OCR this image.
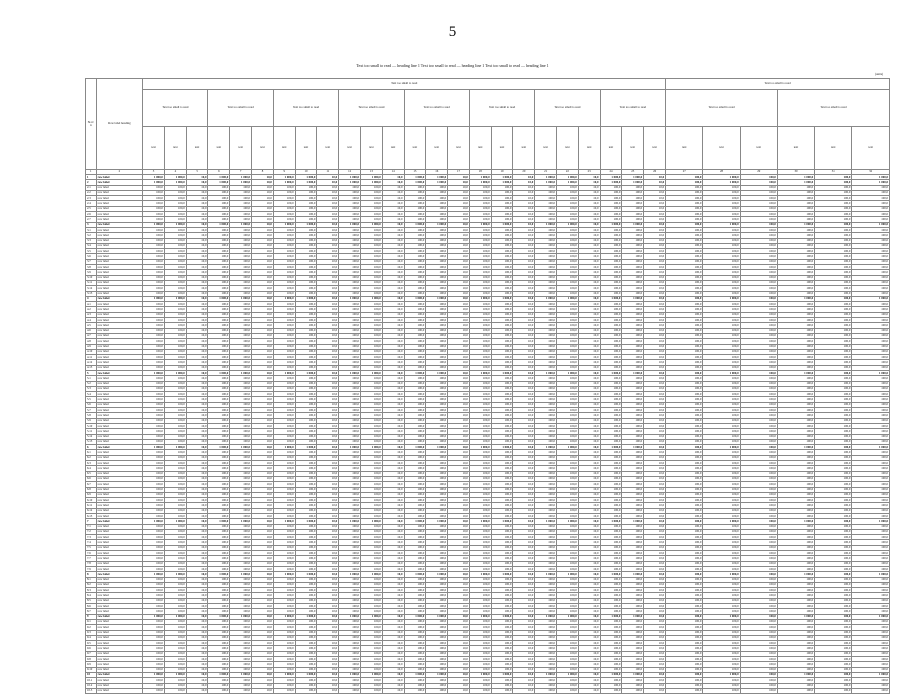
5
Text too small to read — heading line 1 Text too small to read — heading line 1 Text too small to read — heading line 1
(units)
№ п/п	Row label heading	Text too small to read																								Text too small to read					
		Text too small to read			Text too small to read			Text too small to read			Text too small to read			Text too small to read			Text too small to read			Text too small to read			Text too small to read			Text too small to read			Text too small to read		
		text	text	text	text	text	text	text	text	text	text	text	text	text	text	text	text	text	text	text	text	text	text	text	text	text	text	text	text	text	text
1	2	3	4	5	6	7	8	9	10	11	12	13	14	15	16	17	18	19	20	21	22	23	24	25	26	27	28	29	30	31	32
1	row label	1 000,0	1 000,0	10,0	1 000,0	1 000,0	10,0	1 000,0	1 000,0	10,0	1 000,0	1 000,0	10,0	1 000,0	1 000,0	10,0	1 000,0	1 000,0	10,0	1 000,0	1 000,0	10,0	1 000,0	1 000,0	10,0	100,0	1 000,0	100,0	1 000,0	100,0	1 000,0
2	row label	1 000,0	1 000,0	10,0	1 000,0	1 000,0	10,0	1 000,0	1 000,0	10,0	1 000,0	1 000,0	10,0	1 000,0	1 000,0	10,0	1 000,0	1 000,0	10,0	1 000,0	1 000,0	10,0	1 000,0	1 000,0	10,0	100,0	1 000,0	100,0	1 000,0	100,0	1 000,0
2.1	row label	100,0	100,0	10,0	100,0	100,0	10,0	100,0	100,0	10,0	100,0	100,0	10,0	100,0	100,0	10,0	100,0	100,0	10,0	100,0	100,0	10,0	100,0	100,0	10,0	100,0	100,0	100,0	100,0	100,0	100,0
2.2	row label	100,0	100,0	10,0	100,0	100,0	10,0	100,0	100,0	10,0	100,0	100,0	10,0	100,0	100,0	10,0	100,0	100,0	10,0	100,0	100,0	10,0	100,0	100,0	10,0	100,0	100,0	100,0	100,0	100,0	100,0
2.3	row label	100,0	100,0	10,0	100,0	100,0	10,0	100,0	100,0	10,0	100,0	100,0	10,0	100,0	100,0	10,0	100,0	100,0	10,0	100,0	100,0	10,0	100,0	100,0	10,0	100,0	100,0	100,0	100,0	100,0	100,0
2.4	row label	100,0	100,0	10,0	100,0	100,0	10,0	100,0	100,0	10,0	100,0	100,0	10,0	100,0	100,0	10,0	100,0	100,0	10,0	100,0	100,0	10,0	100,0	100,0	10,0	100,0	100,0	100,0	100,0	100,0	100,0
2.5	row label	100,0	100,0	10,0	100,0	100,0	10,0	100,0	100,0	10,0	100,0	100,0	10,0	100,0	100,0	10,0	100,0	100,0	10,0	100,0	100,0	10,0	100,0	100,0	10,0	100,0	100,0	100,0	100,0	100,0	100,0
2.6	row label	100,0	100,0	10,0	100,0	100,0	10,0	100,0	100,0	10,0	100,0	100,0	10,0	100,0	100,0	10,0	100,0	100,0	10,0	100,0	100,0	10,0	100,0	100,0	10,0	100,0	100,0	100,0	100,0	100,0	100,0
2.7	row label	100,0	100,0	10,0	100,0	100,0	10,0	100,0	100,0	10,0	100,0	100,0	10,0	100,0	100,0	10,0	100,0	100,0	10,0	100,0	100,0	10,0	100,0	100,0	10,0	100,0	100,0	100,0	100,0	100,0	100,0
3	row label	1 000,0	1 000,0	10,0	1 000,0	1 000,0	10,0	1 000,0	1 000,0	10,0	1 000,0	1 000,0	10,0	1 000,0	1 000,0	10,0	1 000,0	1 000,0	10,0	1 000,0	1 000,0	10,0	1 000,0	1 000,0	10,0	100,0	1 000,0	100,0	1 000,0	100,0	1 000,0
3.1	row label	100,0	100,0	10,0	100,0	100,0	10,0	100,0	100,0	10,0	100,0	100,0	10,0	100,0	100,0	10,0	100,0	100,0	10,0	100,0	100,0	10,0	100,0	100,0	10,0	100,0	100,0	100,0	100,0	100,0	100,0
3.2	row label	100,0	100,0	10,0	100,0	100,0	10,0	100,0	100,0	10,0	100,0	100,0	10,0	100,0	100,0	10,0	100,0	100,0	10,0	100,0	100,0	10,0	100,0	100,0	10,0	100,0	100,0	100,0	100,0	100,0	100,0
3.3	row label	100,0	100,0	10,0	100,0	100,0	10,0	100,0	100,0	10,0	100,0	100,0	10,0	100,0	100,0	10,0	100,0	100,0	10,0	100,0	100,0	10,0	100,0	100,0	10,0	100,0	100,0	100,0	100,0	100,0	100,0
3.4	row label	100,0	100,0	10,0	100,0	100,0	10,0	100,0	100,0	10,0	100,0	100,0	10,0	100,0	100,0	10,0	100,0	100,0	10,0	100,0	100,0	10,0	100,0	100,0	10,0	100,0	100,0	100,0	100,0	100,0	100,0
3.5	row label	100,0	100,0	10,0	100,0	100,0	10,0	100,0	100,0	10,0	100,0	100,0	10,0	100,0	100,0	10,0	100,0	100,0	10,0	100,0	100,0	10,0	100,0	100,0	10,0	100,0	100,0	100,0	100,0	100,0	100,0
3.6	row label	100,0	100,0	10,0	100,0	100,0	10,0	100,0	100,0	10,0	100,0	100,0	10,0	100,0	100,0	10,0	100,0	100,0	10,0	100,0	100,0	10,0	100,0	100,0	10,0	100,0	100,0	100,0	100,0	100,0	100,0
3.7	row label	100,0	100,0	10,0	100,0	100,0	10,0	100,0	100,0	10,0	100,0	100,0	10,0	100,0	100,0	10,0	100,0	100,0	10,0	100,0	100,0	10,0	100,0	100,0	10,0	100,0	100,0	100,0	100,0	100,0	100,0
3.8	row label	100,0	100,0	10,0	100,0	100,0	10,0	100,0	100,0	10,0	100,0	100,0	10,0	100,0	100,0	10,0	100,0	100,0	10,0	100,0	100,0	10,0	100,0	100,0	10,0	100,0	100,0	100,0	100,0	100,0	100,0
3.9	row label	100,0	100,0	10,0	100,0	100,0	10,0	100,0	100,0	10,0	100,0	100,0	10,0	100,0	100,0	10,0	100,0	100,0	10,0	100,0	100,0	10,0	100,0	100,0	10,0	100,0	100,0	100,0	100,0	100,0	100,0
3.10	row label	100,0	100,0	10,0	100,0	100,0	10,0	100,0	100,0	10,0	100,0	100,0	10,0	100,0	100,0	10,0	100,0	100,0	10,0	100,0	100,0	10,0	100,0	100,0	10,0	100,0	100,0	100,0	100,0	100,0	100,0
3.11	row label	100,0	100,0	10,0	100,0	100,0	10,0	100,0	100,0	10,0	100,0	100,0	10,0	100,0	100,0	10,0	100,0	100,0	10,0	100,0	100,0	10,0	100,0	100,0	10,0	100,0	100,0	100,0	100,0	100,0	100,0
3.12	row label	100,0	100,0	10,0	100,0	100,0	10,0	100,0	100,0	10,0	100,0	100,0	10,0	100,0	100,0	10,0	100,0	100,0	10,0	100,0	100,0	10,0	100,0	100,0	10,0	100,0	100,0	100,0	100,0	100,0	100,0
3.13	row label	100,0	100,0	10,0	100,0	100,0	10,0	100,0	100,0	10,0	100,0	100,0	10,0	100,0	100,0	10,0	100,0	100,0	10,0	100,0	100,0	10,0	100,0	100,0	10,0	100,0	100,0	100,0	100,0	100,0	100,0
4	row label	1 000,0	1 000,0	10,0	1 000,0	1 000,0	10,0	1 000,0	1 000,0	10,0	1 000,0	1 000,0	10,0	1 000,0	1 000,0	10,0	1 000,0	1 000,0	10,0	1 000,0	1 000,0	10,0	1 000,0	1 000,0	10,0	100,0	1 000,0	100,0	1 000,0	100,0	1 000,0
4.1	row label	100,0	100,0	10,0	100,0	100,0	10,0	100,0	100,0	10,0	100,0	100,0	10,0	100,0	100,0	10,0	100,0	100,0	10,0	100,0	100,0	10,0	100,0	100,0	10,0	100,0	100,0	100,0	100,0	100,0	100,0
4.2	row label	100,0	100,0	10,0	100,0	100,0	10,0	100,0	100,0	10,0	100,0	100,0	10,0	100,0	100,0	10,0	100,0	100,0	10,0	100,0	100,0	10,0	100,0	100,0	10,0	100,0	100,0	100,0	100,0	100,0	100,0
4.3	row label	100,0	100,0	10,0	100,0	100,0	10,0	100,0	100,0	10,0	100,0	100,0	10,0	100,0	100,0	10,0	100,0	100,0	10,0	100,0	100,0	10,0	100,0	100,0	10,0	100,0	100,0	100,0	100,0	100,0	100,0
4.4	row label	100,0	100,0	10,0	100,0	100,0	10,0	100,0	100,0	10,0	100,0	100,0	10,0	100,0	100,0	10,0	100,0	100,0	10,0	100,0	100,0	10,0	100,0	100,0	10,0	100,0	100,0	100,0	100,0	100,0	100,0
4.5	row label	100,0	100,0	10,0	100,0	100,0	10,0	100,0	100,0	10,0	100,0	100,0	10,0	100,0	100,0	10,0	100,0	100,0	10,0	100,0	100,0	10,0	100,0	100,0	10,0	100,0	100,0	100,0	100,0	100,0	100,0
4.6	row label	100,0	100,0	10,0	100,0	100,0	10,0	100,0	100,0	10,0	100,0	100,0	10,0	100,0	100,0	10,0	100,0	100,0	10,0	100,0	100,0	10,0	100,0	100,0	10,0	100,0	100,0	100,0	100,0	100,0	100,0
4.7	row label	100,0	100,0	10,0	100,0	100,0	10,0	100,0	100,0	10,0	100,0	100,0	10,0	100,0	100,0	10,0	100,0	100,0	10,0	100,0	100,0	10,0	100,0	100,0	10,0	100,0	100,0	100,0	100,0	100,0	100,0
4.8	row label	100,0	100,0	10,0	100,0	100,0	10,0	100,0	100,0	10,0	100,0	100,0	10,0	100,0	100,0	10,0	100,0	100,0	10,0	100,0	100,0	10,0	100,0	100,0	10,0	100,0	100,0	100,0	100,0	100,0	100,0
4.9	row label	100,0	100,0	10,0	100,0	100,0	10,0	100,0	100,0	10,0	100,0	100,0	10,0	100,0	100,0	10,0	100,0	100,0	10,0	100,0	100,0	10,0	100,0	100,0	10,0	100,0	100,0	100,0	100,0	100,0	100,0
4.10	row label	100,0	100,0	10,0	100,0	100,0	10,0	100,0	100,0	10,0	100,0	100,0	10,0	100,0	100,0	10,0	100,0	100,0	10,0	100,0	100,0	10,0	100,0	100,0	10,0	100,0	100,0	100,0	100,0	100,0	100,0
4.11	row label	100,0	100,0	10,0	100,0	100,0	10,0	100,0	100,0	10,0	100,0	100,0	10,0	100,0	100,0	10,0	100,0	100,0	10,0	100,0	100,0	10,0	100,0	100,0	10,0	100,0	100,0	100,0	100,0	100,0	100,0
4.12	row label	100,0	100,0	10,0	100,0	100,0	10,0	100,0	100,0	10,0	100,0	100,0	10,0	100,0	100,0	10,0	100,0	100,0	10,0	100,0	100,0	10,0	100,0	100,0	10,0	100,0	100,0	100,0	100,0	100,0	100,0
4.13	row label	100,0	100,0	10,0	100,0	100,0	10,0	100,0	100,0	10,0	100,0	100,0	10,0	100,0	100,0	10,0	100,0	100,0	10,0	100,0	100,0	10,0	100,0	100,0	10,0	100,0	100,0	100,0	100,0	100,0	100,0
5	row label	1 000,0	1 000,0	10,0	1 000,0	1 000,0	10,0	1 000,0	1 000,0	10,0	1 000,0	1 000,0	10,0	1 000,0	1 000,0	10,0	1 000,0	1 000,0	10,0	1 000,0	1 000,0	10,0	1 000,0	1 000,0	10,0	100,0	1 000,0	100,0	1 000,0	100,0	1 000,0
5.1	row label	100,0	100,0	10,0	100,0	100,0	10,0	100,0	100,0	10,0	100,0	100,0	10,0	100,0	100,0	10,0	100,0	100,0	10,0	100,0	100,0	10,0	100,0	100,0	10,0	100,0	100,0	100,0	100,0	100,0	100,0
5.2	row label	100,0	100,0	10,0	100,0	100,0	10,0	100,0	100,0	10,0	100,0	100,0	10,0	100,0	100,0	10,0	100,0	100,0	10,0	100,0	100,0	10,0	100,0	100,0	10,0	100,0	100,0	100,0	100,0	100,0	100,0
5.3	row label	100,0	100,0	10,0	100,0	100,0	10,0	100,0	100,0	10,0	100,0	100,0	10,0	100,0	100,0	10,0	100,0	100,0	10,0	100,0	100,0	10,0	100,0	100,0	10,0	100,0	100,0	100,0	100,0	100,0	100,0
5.4	row label	100,0	100,0	10,0	100,0	100,0	10,0	100,0	100,0	10,0	100,0	100,0	10,0	100,0	100,0	10,0	100,0	100,0	10,0	100,0	100,0	10,0	100,0	100,0	10,0	100,0	100,0	100,0	100,0	100,0	100,0
5.5	row label	100,0	100,0	10,0	100,0	100,0	10,0	100,0	100,0	10,0	100,0	100,0	10,0	100,0	100,0	10,0	100,0	100,0	10,0	100,0	100,0	10,0	100,0	100,0	10,0	100,0	100,0	100,0	100,0	100,0	100,0
5.6	row label	100,0	100,0	10,0	100,0	100,0	10,0	100,0	100,0	10,0	100,0	100,0	10,0	100,0	100,0	10,0	100,0	100,0	10,0	100,0	100,0	10,0	100,0	100,0	10,0	100,0	100,0	100,0	100,0	100,0	100,0
5.7	row label	100,0	100,0	10,0	100,0	100,0	10,0	100,0	100,0	10,0	100,0	100,0	10,0	100,0	100,0	10,0	100,0	100,0	10,0	100,0	100,0	10,0	100,0	100,0	10,0	100,0	100,0	100,0	100,0	100,0	100,0
5.8	row label	100,0	100,0	10,0	100,0	100,0	10,0	100,0	100,0	10,0	100,0	100,0	10,0	100,0	100,0	10,0	100,0	100,0	10,0	100,0	100,0	10,0	100,0	100,0	10,0	100,0	100,0	100,0	100,0	100,0	100,0
5.9	row label	100,0	100,0	10,0	100,0	100,0	10,0	100,0	100,0	10,0	100,0	100,0	10,0	100,0	100,0	10,0	100,0	100,0	10,0	100,0	100,0	10,0	100,0	100,0	10,0	100,0	100,0	100,0	100,0	100,0	100,0
5.10	row label	100,0	100,0	10,0	100,0	100,0	10,0	100,0	100,0	10,0	100,0	100,0	10,0	100,0	100,0	10,0	100,0	100,0	10,0	100,0	100,0	10,0	100,0	100,0	10,0	100,0	100,0	100,0	100,0	100,0	100,0
5.11	row label	100,0	100,0	10,0	100,0	100,0	10,0	100,0	100,0	10,0	100,0	100,0	10,0	100,0	100,0	10,0	100,0	100,0	10,0	100,0	100,0	10,0	100,0	100,0	10,0	100,0	100,0	100,0	100,0	100,0	100,0
5.12	row label	100,0	100,0	10,0	100,0	100,0	10,0	100,0	100,0	10,0	100,0	100,0	10,0	100,0	100,0	10,0	100,0	100,0	10,0	100,0	100,0	10,0	100,0	100,0	10,0	100,0	100,0	100,0	100,0	100,0	100,0
5.13	row label	100,0	100,0	10,0	100,0	100,0	10,0	100,0	100,0	10,0	100,0	100,0	10,0	100,0	100,0	10,0	100,0	100,0	10,0	100,0	100,0	10,0	100,0	100,0	10,0	100,0	100,0	100,0	100,0	100,0	100,0
6	row label	1 000,0	1 000,0	10,0	1 000,0	1 000,0	10,0	1 000,0	1 000,0	10,0	1 000,0	1 000,0	10,0	1 000,0	1 000,0	10,0	1 000,0	1 000,0	10,0	1 000,0	1 000,0	10,0	1 000,0	1 000,0	10,0	100,0	1 000,0	100,0	1 000,0	100,0	1 000,0
6.1	row label	100,0	100,0	10,0	100,0	100,0	10,0	100,0	100,0	10,0	100,0	100,0	10,0	100,0	100,0	10,0	100,0	100,0	10,0	100,0	100,0	10,0	100,0	100,0	10,0	100,0	100,0	100,0	100,0	100,0	100,0
6.2	row label	100,0	100,0	10,0	100,0	100,0	10,0	100,0	100,0	10,0	100,0	100,0	10,0	100,0	100,0	10,0	100,0	100,0	10,0	100,0	100,0	10,0	100,0	100,0	10,0	100,0	100,0	100,0	100,0	100,0	100,0
6.3	row label	100,0	100,0	10,0	100,0	100,0	10,0	100,0	100,0	10,0	100,0	100,0	10,0	100,0	100,0	10,0	100,0	100,0	10,0	100,0	100,0	10,0	100,0	100,0	10,0	100,0	100,0	100,0	100,0	100,0	100,0
6.4	row label	100,0	100,0	10,0	100,0	100,0	10,0	100,0	100,0	10,0	100,0	100,0	10,0	100,0	100,0	10,0	100,0	100,0	10,0	100,0	100,0	10,0	100,0	100,0	10,0	100,0	100,0	100,0	100,0	100,0	100,0
6.5	row label	100,0	100,0	10,0	100,0	100,0	10,0	100,0	100,0	10,0	100,0	100,0	10,0	100,0	100,0	10,0	100,0	100,0	10,0	100,0	100,0	10,0	100,0	100,0	10,0	100,0	100,0	100,0	100,0	100,0	100,0
6.6	row label	100,0	100,0	10,0	100,0	100,0	10,0	100,0	100,0	10,0	100,0	100,0	10,0	100,0	100,0	10,0	100,0	100,0	10,0	100,0	100,0	10,0	100,0	100,0	10,0	100,0	100,0	100,0	100,0	100,0	100,0
6.7	row label	100,0	100,0	10,0	100,0	100,0	10,0	100,0	100,0	10,0	100,0	100,0	10,0	100,0	100,0	10,0	100,0	100,0	10,0	100,0	100,0	10,0	100,0	100,0	10,0	100,0	100,0	100,0	100,0	100,0	100,0
6.8	row label	100,0	100,0	10,0	100,0	100,0	10,0	100,0	100,0	10,0	100,0	100,0	10,0	100,0	100,0	10,0	100,0	100,0	10,0	100,0	100,0	10,0	100,0	100,0	10,0	100,0	100,0	100,0	100,0	100,0	100,0
6.9	row label	100,0	100,0	10,0	100,0	100,0	10,0	100,0	100,0	10,0	100,0	100,0	10,0	100,0	100,0	10,0	100,0	100,0	10,0	100,0	100,0	10,0	100,0	100,0	10,0	100,0	100,0	100,0	100,0	100,0	100,0
6.10	row label	100,0	100,0	10,0	100,0	100,0	10,0	100,0	100,0	10,0	100,0	100,0	10,0	100,0	100,0	10,0	100,0	100,0	10,0	100,0	100,0	10,0	100,0	100,0	10,0	100,0	100,0	100,0	100,0	100,0	100,0
6.11	row label	100,0	100,0	10,0	100,0	100,0	10,0	100,0	100,0	10,0	100,0	100,0	10,0	100,0	100,0	10,0	100,0	100,0	10,0	100,0	100,0	10,0	100,0	100,0	10,0	100,0	100,0	100,0	100,0	100,0	100,0
6.12	row label	100,0	100,0	10,0	100,0	100,0	10,0	100,0	100,0	10,0	100,0	100,0	10,0	100,0	100,0	10,0	100,0	100,0	10,0	100,0	100,0	10,0	100,0	100,0	10,0	100,0	100,0	100,0	100,0	100,0	100,0
6.13	row label	100,0	100,0	10,0	100,0	100,0	10,0	100,0	100,0	10,0	100,0	100,0	10,0	100,0	100,0	10,0	100,0	100,0	10,0	100,0	100,0	10,0	100,0	100,0	10,0	100,0	100,0	100,0	100,0	100,0	100,0
7	row label	1 000,0	1 000,0	10,0	1 000,0	1 000,0	10,0	1 000,0	1 000,0	10,0	1 000,0	1 000,0	10,0	1 000,0	1 000,0	10,0	1 000,0	1 000,0	10,0	1 000,0	1 000,0	10,0	1 000,0	1 000,0	10,0	100,0	1 000,0	100,0	1 000,0	100,0	1 000,0
7.1	row label	100,0	100,0	10,0	100,0	100,0	10,0	100,0	100,0	10,0	100,0	100,0	10,0	100,0	100,0	10,0	100,0	100,0	10,0	100,0	100,0	10,0	100,0	100,0	10,0	100,0	100,0	100,0	100,0	100,0	100,0
7.2	row label	100,0	100,0	10,0	100,0	100,0	10,0	100,0	100,0	10,0	100,0	100,0	10,0	100,0	100,0	10,0	100,0	100,0	10,0	100,0	100,0	10,0	100,0	100,0	10,0	100,0	100,0	100,0	100,0	100,0	100,0
7.3	row label	100,0	100,0	10,0	100,0	100,0	10,0	100,0	100,0	10,0	100,0	100,0	10,0	100,0	100,0	10,0	100,0	100,0	10,0	100,0	100,0	10,0	100,0	100,0	10,0	100,0	100,0	100,0	100,0	100,0	100,0
7.4	row label	100,0	100,0	10,0	100,0	100,0	10,0	100,0	100,0	10,0	100,0	100,0	10,0	100,0	100,0	10,0	100,0	100,0	10,0	100,0	100,0	10,0	100,0	100,0	10,0	100,0	100,0	100,0	100,0	100,0	100,0
7.5	row label	100,0	100,0	10,0	100,0	100,0	10,0	100,0	100,0	10,0	100,0	100,0	10,0	100,0	100,0	10,0	100,0	100,0	10,0	100,0	100,0	10,0	100,0	100,0	10,0	100,0	100,0	100,0	100,0	100,0	100,0
7.6	row label	100,0	100,0	10,0	100,0	100,0	10,0	100,0	100,0	10,0	100,0	100,0	10,0	100,0	100,0	10,0	100,0	100,0	10,0	100,0	100,0	10,0	100,0	100,0	10,0	100,0	100,0	100,0	100,0	100,0	100,0
7.7	row label	100,0	100,0	10,0	100,0	100,0	10,0	100,0	100,0	10,0	100,0	100,0	10,0	100,0	100,0	10,0	100,0	100,0	10,0	100,0	100,0	10,0	100,0	100,0	10,0	100,0	100,0	100,0	100,0	100,0	100,0
7.8	row label	100,0	100,0	10,0	100,0	100,0	10,0	100,0	100,0	10,0	100,0	100,0	10,0	100,0	100,0	10,0	100,0	100,0	10,0	100,0	100,0	10,0	100,0	100,0	10,0	100,0	100,0	100,0	100,0	100,0	100,0
7.9	row label	100,0	100,0	10,0	100,0	100,0	10,0	100,0	100,0	10,0	100,0	100,0	10,0	100,0	100,0	10,0	100,0	100,0	10,0	100,0	100,0	10,0	100,0	100,0	10,0	100,0	100,0	100,0	100,0	100,0	100,0
8	row label	1 000,0	1 000,0	10,0	1 000,0	1 000,0	10,0	1 000,0	1 000,0	10,0	1 000,0	1 000,0	10,0	1 000,0	1 000,0	10,0	1 000,0	1 000,0	10,0	1 000,0	1 000,0	10,0	1 000,0	1 000,0	10,0	100,0	1 000,0	100,0	1 000,0	100,0	1 000,0
8.1	row label	100,0	100,0	10,0	100,0	100,0	10,0	100,0	100,0	10,0	100,0	100,0	10,0	100,0	100,0	10,0	100,0	100,0	10,0	100,0	100,0	10,0	100,0	100,0	10,0	100,0	100,0	100,0	100,0	100,0	100,0
8.2	row label	100,0	100,0	10,0	100,0	100,0	10,0	100,0	100,0	10,0	100,0	100,0	10,0	100,0	100,0	10,0	100,0	100,0	10,0	100,0	100,0	10,0	100,0	100,0	10,0	100,0	100,0	100,0	100,0	100,0	100,0
8.3	row label	100,0	100,0	10,0	100,0	100,0	10,0	100,0	100,0	10,0	100,0	100,0	10,0	100,0	100,0	10,0	100,0	100,0	10,0	100,0	100,0	10,0	100,0	100,0	10,0	100,0	100,0	100,0	100,0	100,0	100,0
8.4	row label	100,0	100,0	10,0	100,0	100,0	10,0	100,0	100,0	10,0	100,0	100,0	10,0	100,0	100,0	10,0	100,0	100,0	10,0	100,0	100,0	10,0	100,0	100,0	10,0	100,0	100,0	100,0	100,0	100,0	100,0
8.5	row label	100,0	100,0	10,0	100,0	100,0	10,0	100,0	100,0	10,0	100,0	100,0	10,0	100,0	100,0	10,0	100,0	100,0	10,0	100,0	100,0	10,0	100,0	100,0	10,0	100,0	100,0	100,0	100,0	100,0	100,0
8.6	row label	100,0	100,0	10,0	100,0	100,0	10,0	100,0	100,0	10,0	100,0	100,0	10,0	100,0	100,0	10,0	100,0	100,0	10,0	100,0	100,0	10,0	100,0	100,0	10,0	100,0	100,0	100,0	100,0	100,0	100,0
8.7	row label	100,0	100,0	10,0	100,0	100,0	10,0	100,0	100,0	10,0	100,0	100,0	10,0	100,0	100,0	10,0	100,0	100,0	10,0	100,0	100,0	10,0	100,0	100,0	10,0	100,0	100,0	100,0	100,0	100,0	100,0
9	row label	1 000,0	1 000,0	10,0	1 000,0	1 000,0	10,0	1 000,0	1 000,0	10,0	1 000,0	1 000,0	10,0	1 000,0	1 000,0	10,0	1 000,0	1 000,0	10,0	1 000,0	1 000,0	10,0	1 000,0	1 000,0	10,0	100,0	1 000,0	100,0	1 000,0	100,0	1 000,0
9.1	row label	100,0	100,0	10,0	100,0	100,0	10,0	100,0	100,0	10,0	100,0	100,0	10,0	100,0	100,0	10,0	100,0	100,0	10,0	100,0	100,0	10,0	100,0	100,0	10,0	100,0	100,0	100,0	100,0	100,0	100,0
9.2	row label	100,0	100,0	10,0	100,0	100,0	10,0	100,0	100,0	10,0	100,0	100,0	10,0	100,0	100,0	10,0	100,0	100,0	10,0	100,0	100,0	10,0	100,0	100,0	10,0	100,0	100,0	100,0	100,0	100,0	100,0
9.3	row label	100,0	100,0	10,0	100,0	100,0	10,0	100,0	100,0	10,0	100,0	100,0	10,0	100,0	100,0	10,0	100,0	100,0	10,0	100,0	100,0	10,0	100,0	100,0	10,0	100,0	100,0	100,0	100,0	100,0	100,0
9.4	row label	100,0	100,0	10,0	100,0	100,0	10,0	100,0	100,0	10,0	100,0	100,0	10,0	100,0	100,0	10,0	100,0	100,0	10,0	100,0	100,0	10,0	100,0	100,0	10,0	100,0	100,0	100,0	100,0	100,0	100,0
9.5	row label	100,0	100,0	10,0	100,0	100,0	10,0	100,0	100,0	10,0	100,0	100,0	10,0	100,0	100,0	10,0	100,0	100,0	10,0	100,0	100,0	10,0	100,0	100,0	10,0	100,0	100,0	100,0	100,0	100,0	100,0
9.6	row label	100,0	100,0	10,0	100,0	100,0	10,0	100,0	100,0	10,0	100,0	100,0	10,0	100,0	100,0	10,0	100,0	100,0	10,0	100,0	100,0	10,0	100,0	100,0	10,0	100,0	100,0	100,0	100,0	100,0	100,0
9.7	row label	100,0	100,0	10,0	100,0	100,0	10,0	100,0	100,0	10,0	100,0	100,0	10,0	100,0	100,0	10,0	100,0	100,0	10,0	100,0	100,0	10,0	100,0	100,0	10,0	100,0	100,0	100,0	100,0	100,0	100,0
9.8	row label	100,0	100,0	10,0	100,0	100,0	10,0	100,0	100,0	10,0	100,0	100,0	10,0	100,0	100,0	10,0	100,0	100,0	10,0	100,0	100,0	10,0	100,0	100,0	10,0	100,0	100,0	100,0	100,0	100,0	100,0
9.9	row label	100,0	100,0	10,0	100,0	100,0	10,0	100,0	100,0	10,0	100,0	100,0	10,0	100,0	100,0	10,0	100,0	100,0	10,0	100,0	100,0	10,0	100,0	100,0	10,0	100,0	100,0	100,0	100,0	100,0	100,0
9.10	row label	100,0	100,0	10,0	100,0	100,0	10,0	100,0	100,0	10,0	100,0	100,0	10,0	100,0	100,0	10,0	100,0	100,0	10,0	100,0	100,0	10,0	100,0	100,0	10,0	100,0	100,0	100,0	100,0	100,0	100,0
10	row label	1 000,0	1 000,0	10,0	1 000,0	1 000,0	10,0	1 000,0	1 000,0	10,0	1 000,0	1 000,0	10,0	1 000,0	1 000,0	10,0	1 000,0	1 000,0	10,0	1 000,0	1 000,0	10,0	1 000,0	1 000,0	10,0	100,0	1 000,0	100,0	1 000,0	100,0	1 000,0
10.1	row label	100,0	100,0	10,0	100,0	100,0	10,0	100,0	100,0	10,0	100,0	100,0	10,0	100,0	100,0	10,0	100,0	100,0	10,0	100,0	100,0	10,0	100,0	100,0	10,0	100,0	100,0	100,0	100,0	100,0	100,0
10.2	row label	100,0	100,0	10,0	100,0	100,0	10,0	100,0	100,0	10,0	100,0	100,0	10,0	100,0	100,0	10,0	100,0	100,0	10,0	100,0	100,0	10,0	100,0	100,0	10,0	100,0	100,0	100,0	100,0	100,0	100,0
10.3	row label	100,0	100,0	10,0	100,0	100,0	10,0	100,0	100,0	10,0	100,0	100,0	10,0	100,0	100,0	10,0	100,0	100,0	10,0	100,0	100,0	10,0	100,0	100,0	10,0	100,0	100,0	100,0	100,0	100,0	100,0
